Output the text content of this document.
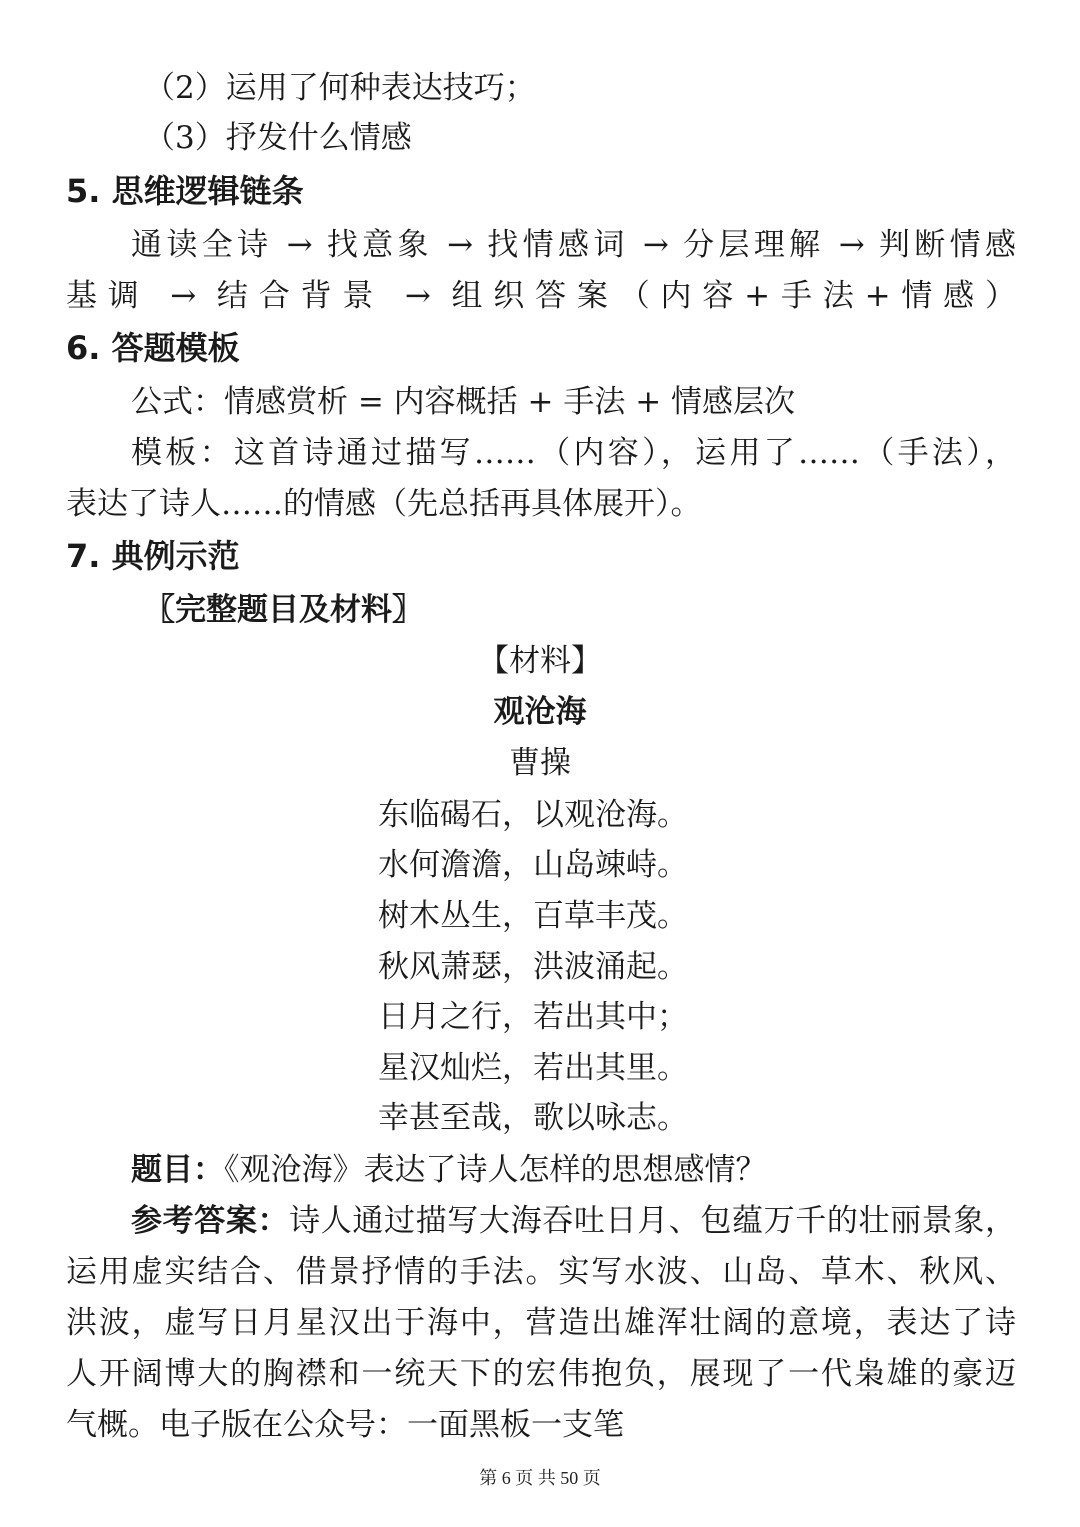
（2）运用了何种表达技巧；
（3）抒发什么情感
5. 思维逻辑链条
通读全诗 → 找意象 → 找情感词 → 分层理解 → 判断情感
基调 → 结合背景 → 组织答案（内容+手法+情感）
6. 答题模板
公式：情感赏析 = 内容概括 + 手法 + 情感层次
模板：这首诗通过描写……（内容），运用了……（手法），
表达了诗人……的情感（先总括再具体展开）。
7. 典例示范
〖完整题目及材料〗
【材料】
观沧海
曹操
东临碣石，以观沧海。
水何澹澹，山岛竦峙。
树木丛生，百草丰茂。
秋风萧瑟，洪波涌起。
日月之行，若出其中；
星汉灿烂，若出其里。
幸甚至哉，歌以咏志。
题目：《观沧海》表达了诗人怎样的思想感情？
参考答案：诗人通过描写大海吞吐日月、包蕴万千的壮丽景象，
运用虚实结合、借景抒情的手法。实写水波、山岛、草木、秋风、
洪波，虚写日月星汉出于海中，营造出雄浑壮阔的意境，表达了诗
人开阔博大的胸襟和一统天下的宏伟抱负，展现了一代枭雄的豪迈
气概。电子版在公众号：一面黑板一支笔
第 6 页 共 50 页
